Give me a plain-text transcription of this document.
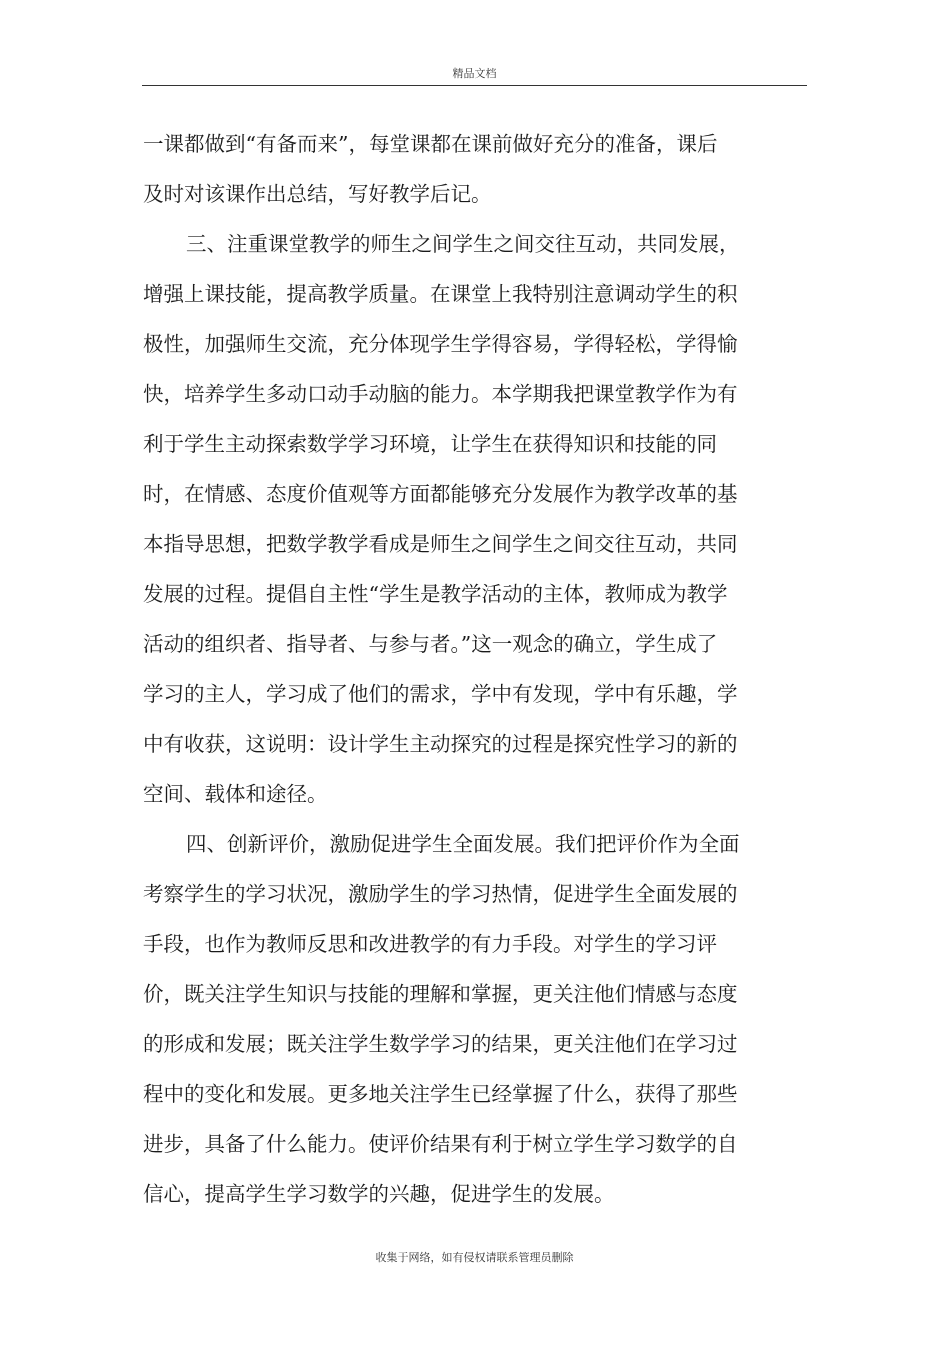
精品文档
一课都做到“有备而来”，每堂课都在课前做好充分的准备，课后
及时对该课作出总结，写好教学后记。
三、注重课堂教学的师生之间学生之间交往互动，共同发展，
增强上课技能，提高教学质量。在课堂上我特别注意调动学生的积
极性，加强师生交流，充分体现学生学得容易，学得轻松，学得愉
快，培养学生多动口动手动脑的能力。本学期我把课堂教学作为有
利于学生主动探索数学学习环境，让学生在获得知识和技能的同
时，在情感、态度价值观等方面都能够充分发展作为教学改革的基
本指导思想，把数学教学看成是师生之间学生之间交往互动，共同
发展的过程。提倡自主性“学生是教学活动的主体，教师成为教学
活动的组织者、指导者、与参与者。”这一观念的确立，学生成了
学习的主人，学习成了他们的需求，学中有发现，学中有乐趣，学
中有收获，这说明：设计学生主动探究的过程是探究性学习的新的
空间、载体和途径。
四、创新评价，激励促进学生全面发展。我们把评价作为全面
考察学生的学习状况，激励学生的学习热情，促进学生全面发展的
手段，也作为教师反思和改进教学的有力手段。对学生的学习评
价，既关注学生知识与技能的理解和掌握，更关注他们情感与态度
的形成和发展；既关注学生数学学习的结果，更关注他们在学习过
程中的变化和发展。更多地关注学生已经掌握了什么，获得了那些
进步，具备了什么能力。使评价结果有利于树立学生学习数学的自
信心，提高学生学习数学的兴趣，促进学生的发展。
收集于网络，如有侵权请联系管理员删除
